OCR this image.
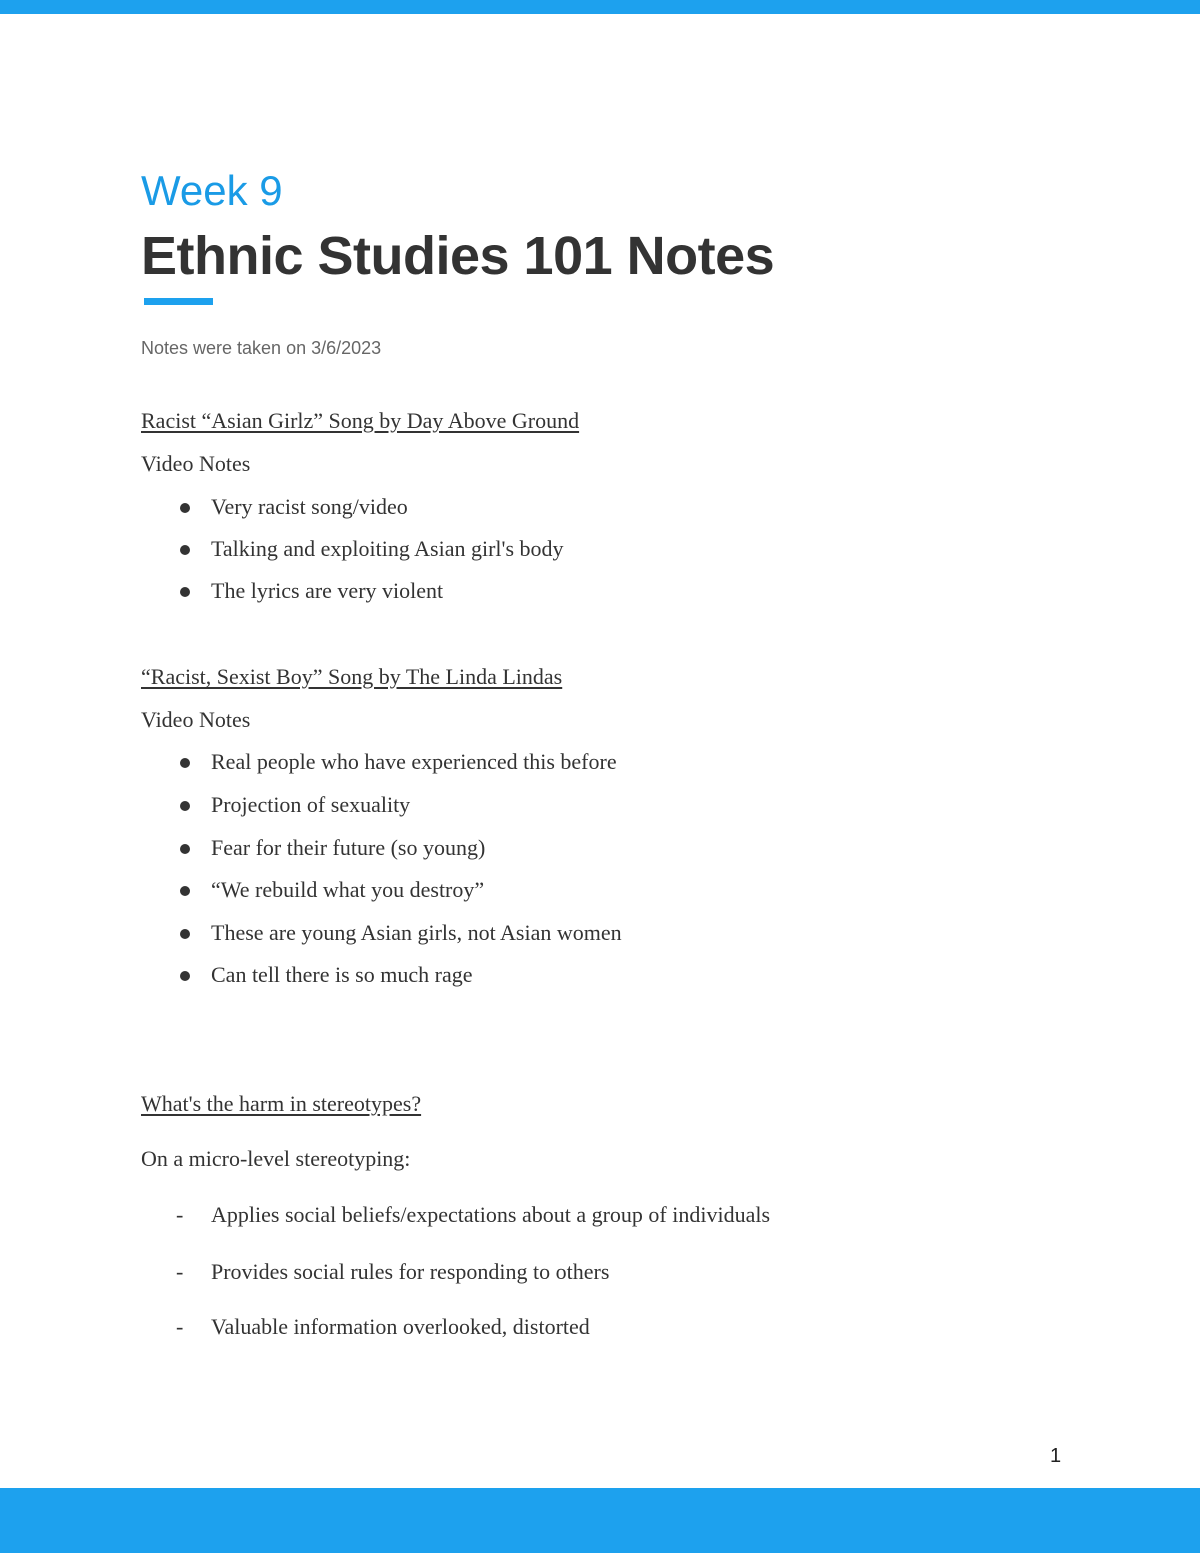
Week 9
Ethnic Studies 101 Notes
Notes were taken on 3/6/2023
Racist “Asian Girlz” Song by Day Above Ground
Video Notes
Very racist song/video
Talking and exploiting Asian girl's body
The lyrics are very violent
“Racist, Sexist Boy” Song by The Linda Lindas
Video Notes
Real people who have experienced this before
Projection of sexuality
Fear for their future (so young)
“We rebuild what you destroy”
These are young Asian girls, not Asian women
Can tell there is so much rage
What's the harm in stereotypes?
On a micro-level stereotyping:
- Applies social beliefs/expectations about a group of individuals
- Provides social rules for responding to others
- Valuable information overlooked, distorted
1
